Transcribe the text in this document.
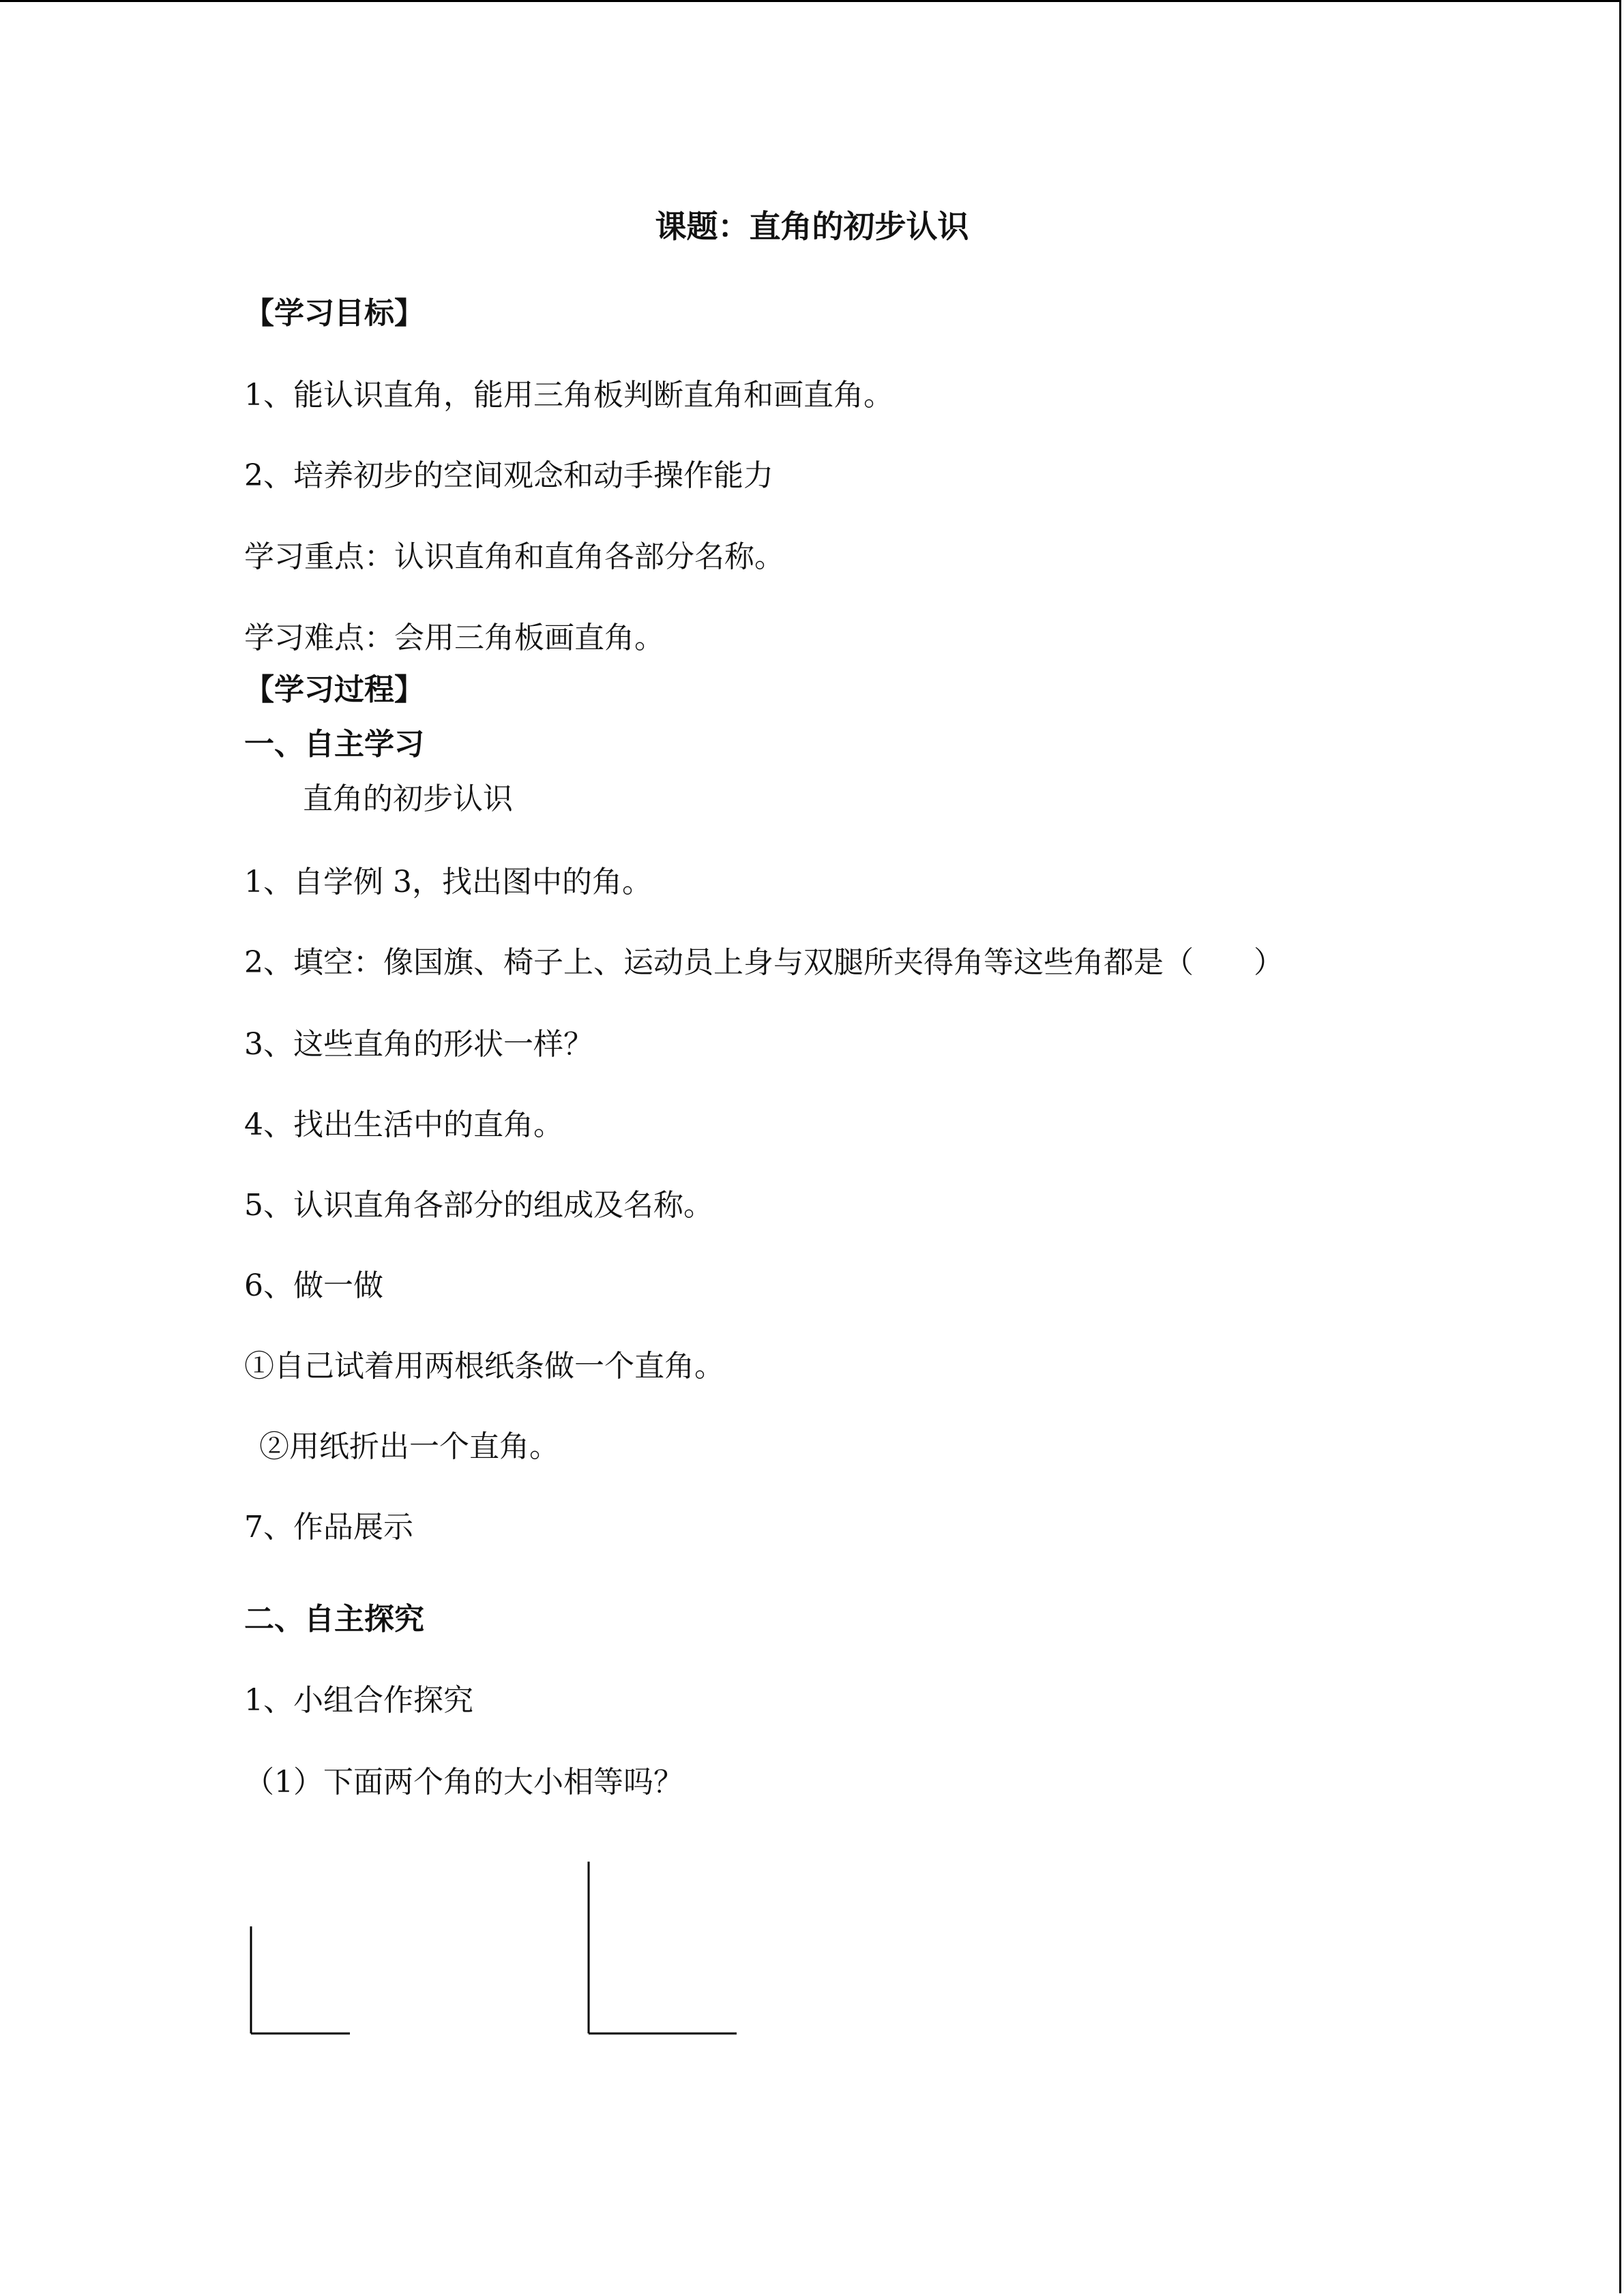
课题：直角的初步认识
【学习目标】
1、能认识直角，能用三角板判断直角和画直角。
2、培养初步的空间观念和动手操作能力
学习重点：认识直角和直角各部分名称。
学习难点：会用三角板画直角。
【学习过程】
一、自主学习
直角的初步认识
1、自学例 3，找出图中的角。
2、填空：像国旗、椅子上、运动员上身与双腿所夹得角等这些角都是（　　）
3、这些直角的形状一样？
4、找出生活中的直角。
5、认识直角各部分的组成及名称。
6、做一做
①自己试着用两根纸条做一个直角。
②用纸折出一个直角。
7、作品展示
二、自主探究
1、小组合作探究
（1）下面两个角的大小相等吗？
